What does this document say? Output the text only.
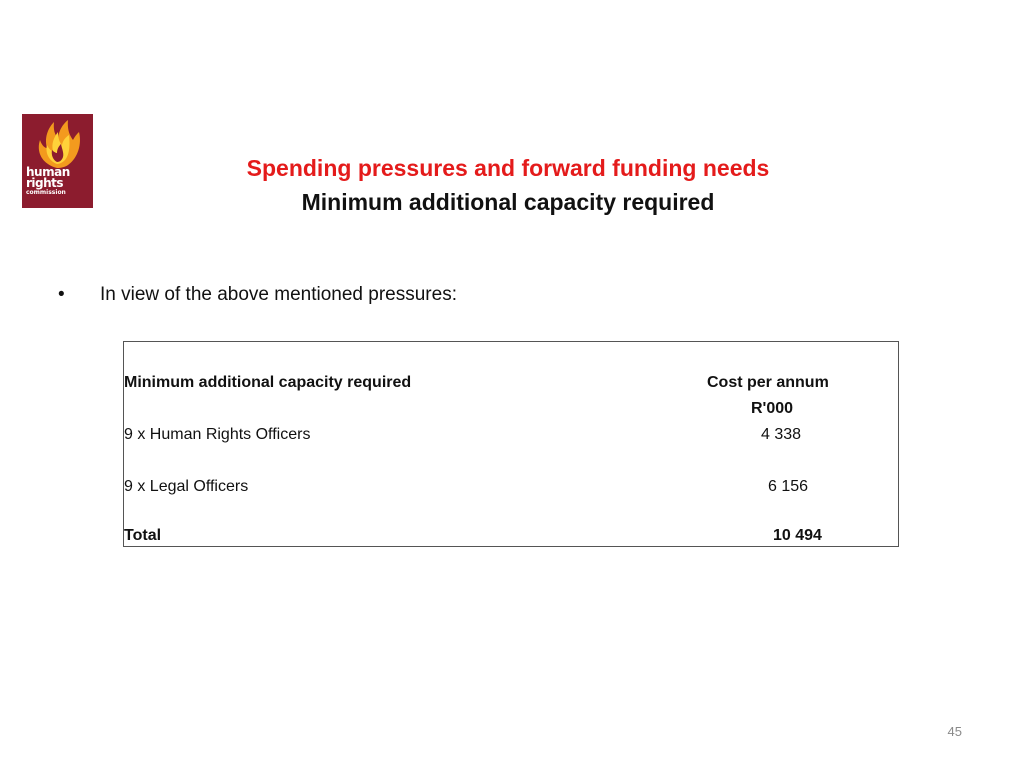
human
rights
commission
Spending pressures and forward funding needs
Minimum additional capacity required
• In view of the above mentioned pressures:
Minimum additional capacity required	Cost per annum
R'000
9 x Human Rights Officers	4 338
9 x Legal Officers	6 156
Total	10 494
45
